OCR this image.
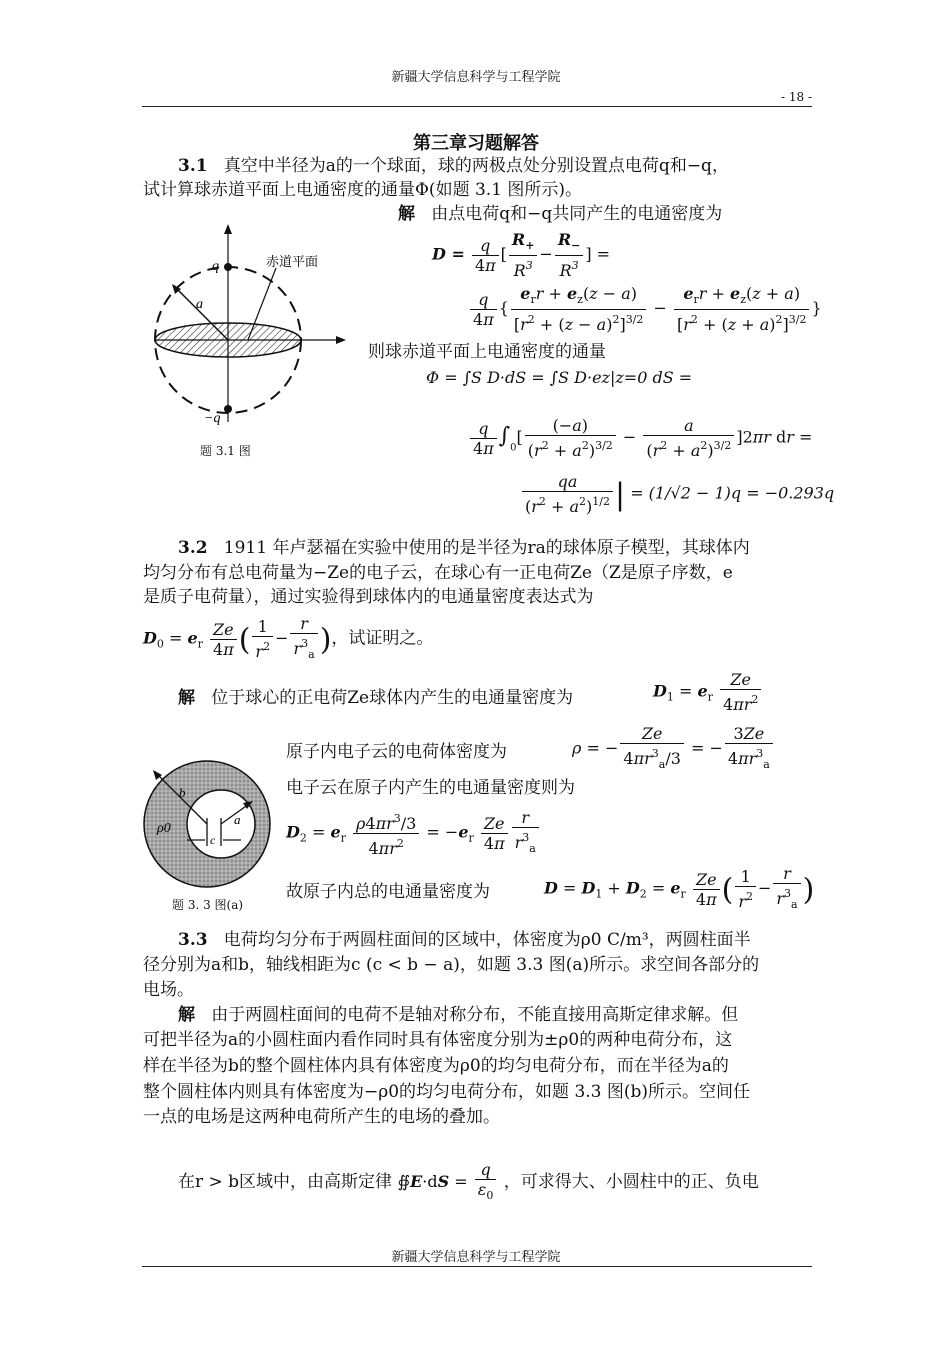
新疆大学信息科学与工程学院
- 18 -
第三章习题解答
3.1 真空中半径为a的一个球面，球的两极点处分别设置点电荷q和−q，
试计算球赤道平面上电通密度的通量Φ(如题 3.1 图所示)。
解 由点电荷q和−q共同产生的电通密度为
q
−q
赤道平面
a
题 3.1 图
$D = \frac{q}{4\pi}$ [ $\frac{R_+}{R^3} - \frac{R_-}{R^3}$ ] =
$\frac{q}{4\pi}$ { $\frac{e_rr + e_z(z - a)}{[r^2 + (z - a)^2]^{3/2}} - \frac{e_rr + e_z(z + a)}{[r^2 + (z + a)^2]^{3/2}}$ }
则球赤道平面上电通密度的通量
Φ = ∫S D·dS = ∫S D·ez|z=0 dS =
$\frac{q}{4\pi} \int_0[ \frac{(-a)}{(r^2 + a^2)^{3/2}} - \frac{a}{(r^2 + a^2)^{3/2}} ]2\pi r$ dr =
$\frac{qa}{(r^2 + a^2)^{1/2}}$ | = (1/√2 − 1)q = −0.293q
3.2 1911 年卢瑟福在实验中使用的是半径为ra的球体原子模型，其球体内
均匀分布有总电荷量为−Ze的电子云，在球心有一正电荷Ze（Z是原子序数，e
是质子电荷量），通过实验得到球体内的电通量密度表达式为
$D_0 = e_r \frac{Ze}{4\pi}$ ( $\frac{1}{r^2} - \frac{r}{r^3_a}$ )，试证明之。
解 位于球心的正电荷Ze球体内产生的电通量密度为	$D_1 = e_r \frac{Ze}{4\pi r^2}$
原子内电子云的电荷体密度为	ρ = − $\frac{Ze}{4\pi r^3_a/3}$ = − $\frac{3Ze}{4\pi r^3_a}$
电子云在原子内产生的电通量密度则为
$D_2 = e_r \frac{\rho 4\pi r^3/3}{4\pi r^2} = -e_r \frac{Ze}{4\pi} \frac{r}{r^3_a}$
故原子内总的电通量密度为	$D = D_1 + D_2 = e_r \frac{Ze}{4\pi}$ ( $\frac{1}{r^2} - \frac{r}{r^3_a}$ )
b
ρ0
a
c
题 3. 3 图(a)
3.3 电荷均匀分布于两圆柱面间的区域中，体密度为ρ0 C/m³，两圆柱面半
径分别为a和b，轴线相距为c (c < b − a)，如题 3.3 图(a)所示。求空间各部分的
电场。
解 由于两圆柱面间的电荷不是轴对称分布，不能直接用高斯定律求解。但
可把半径为a的小圆柱面内看作同时具有体密度分别为±ρ0的两种电荷分布，这
样在半径为b的整个圆柱体内具有体密度为ρ0的均匀电荷分布，而在半径为a的
整个圆柱体内则具有体密度为−ρ0的均匀电荷分布，如题 3.3 图(b)所示。空间任
一点的电场是这两种电荷所产生的电场的叠加。
在r > b区域中，由高斯定律 ∯E·dS = $\frac{q}{\varepsilon_0}$ ，可求得大、小圆柱中的正、负电
新疆大学信息科学与工程学院
